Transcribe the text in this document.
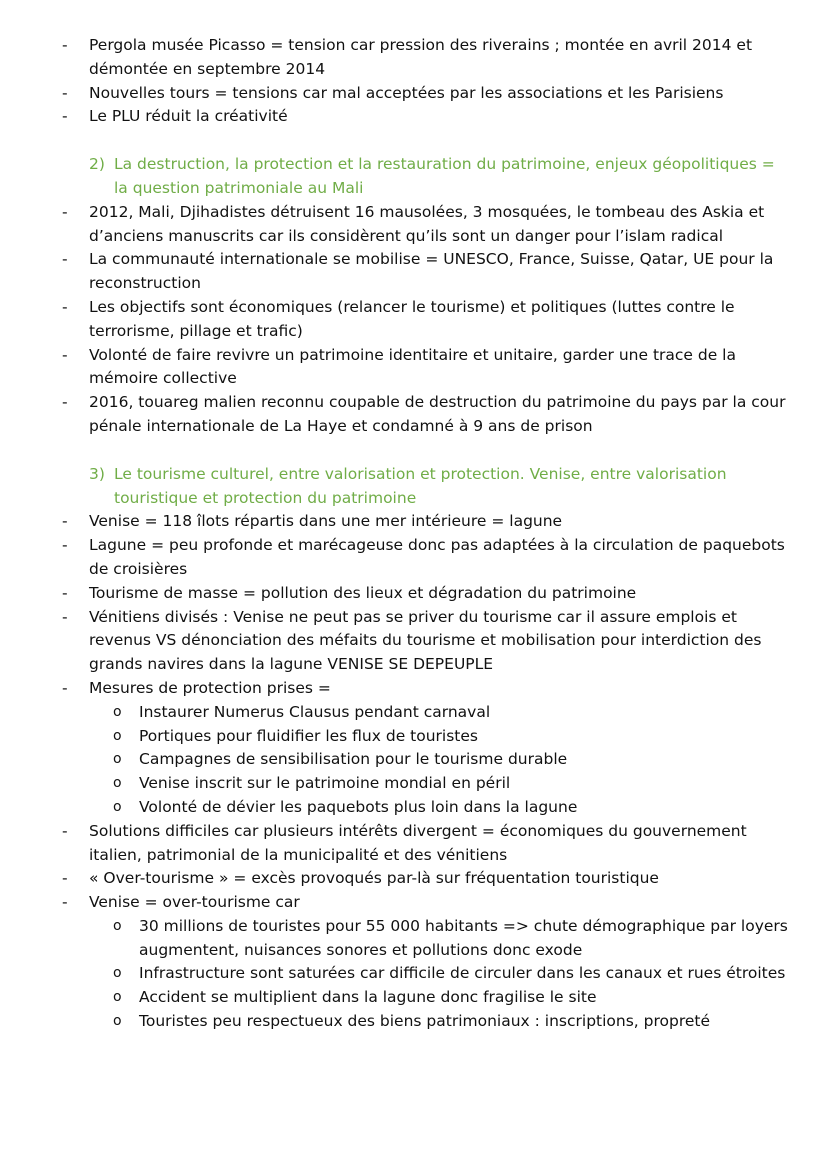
- Pergola musée Picasso = tension car pression des riverains ; montée en avril 2014 et démontée en septembre 2014
- Nouvelles tours = tensions car mal acceptées par les associations et les Parisiens
- Le PLU réduit la créativité
2) La destruction, la protection et la restauration du patrimoine, enjeux géopolitiques = la question patrimoniale au Mali
- 2012, Mali, Djihadistes détruisent 16 mausolées, 3 mosquées, le tombeau des Askia et d’anciens manuscrits car ils considèrent qu’ils sont un danger pour l’islam radical
- La communauté internationale se mobilise = UNESCO, France, Suisse, Qatar, UE pour la reconstruction
- Les objectifs sont économiques (relancer le tourisme) et politiques (luttes contre le terrorisme, pillage et trafic)
- Volonté de faire revivre un patrimoine identitaire et unitaire, garder une trace de la mémoire collective
- 2016, touareg malien reconnu coupable de destruction du patrimoine du pays par la cour pénale internationale de La Haye et condamné à 9 ans de prison
3) Le tourisme culturel, entre valorisation et protection. Venise, entre valorisation touristique et protection du patrimoine
- Venise = 118 îlots répartis dans une mer intérieure = lagune
- Lagune = peu profonde et marécageuse donc pas adaptées à la circulation de paquebots de croisières
- Tourisme de masse = pollution des lieux et dégradation du patrimoine
- Vénitiens divisés : Venise ne peut pas se priver du tourisme car il assure emplois et revenus VS dénonciation des méfaits du tourisme et mobilisation pour interdiction des grands navires dans la lagune VENISE SE DEPEUPLE
- Mesures de protection prises =
o Instaurer Numerus Clausus pendant carnaval
o Portiques pour fluidifier les flux de touristes
o Campagnes de sensibilisation pour le tourisme durable
o Venise inscrit sur le patrimoine mondial en péril
o Volonté de dévier les paquebots plus loin dans la lagune
- Solutions difficiles car plusieurs intérêts divergent = économiques du gouvernement italien, patrimonial de la municipalité et des vénitiens
- « Over-tourisme » = excès provoqués par-là sur fréquentation touristique
- Venise = over-tourisme car
o 30 millions de touristes pour 55 000 habitants => chute démographique par loyers augmentent, nuisances sonores et pollutions donc exode
o Infrastructure sont saturées car difficile de circuler dans les canaux et rues étroites
o Accident se multiplient dans la lagune donc fragilise le site
o Touristes peu respectueux des biens patrimoniaux : inscriptions, propreté
